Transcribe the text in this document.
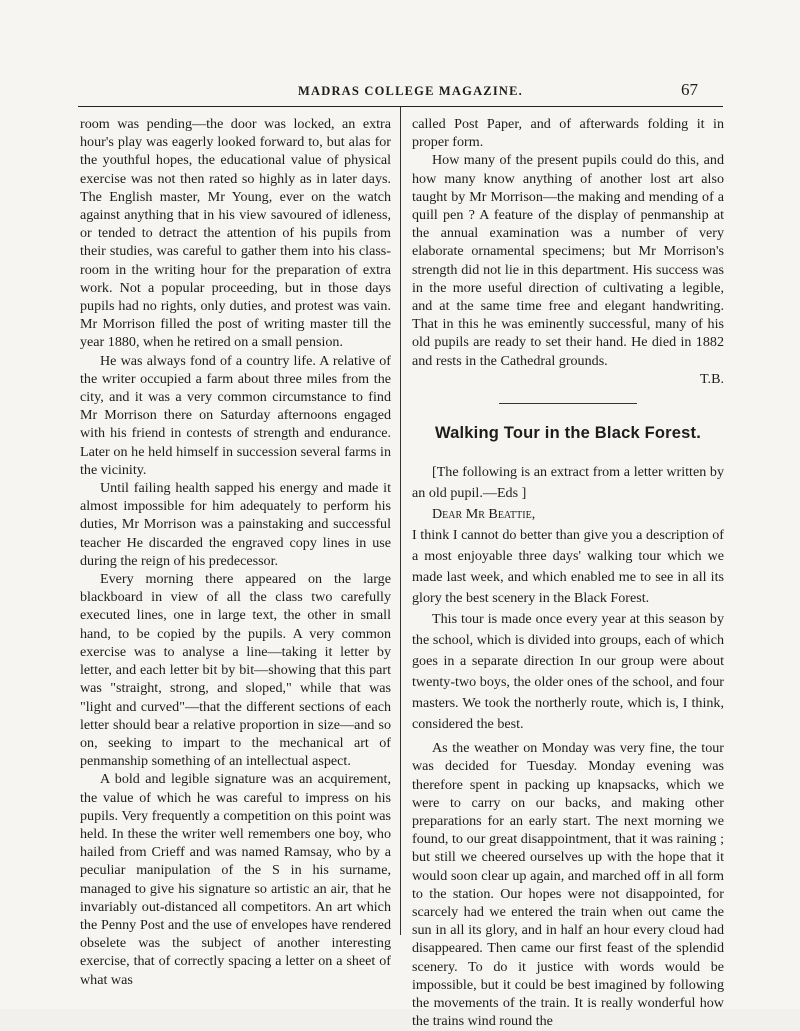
MADRAS COLLEGE MAGAZINE.	67

room was pending—the door was locked, an extra hour's play was eagerly looked forward to, but alas for the youthful hopes, the educational value of physical exercise was not then rated so highly as in later days. The English master, Mr Young, ever on the watch against anything that in his view savoured of idleness, or tended to detract the attention of his pupils from their studies, was careful to gather them into his class-room in the writing hour for the preparation of extra work. Not a popular proceeding, but in those days pupils had no rights, only duties, and protest was vain. Mr Morrison filled the post of writing master till the year 1880, when he retired on a small pension.

He was always fond of a country life. A relative of the writer occupied a farm about three miles from the city, and it was a very common circumstance to find Mr Morrison there on Saturday afternoons engaged with his friend in contests of strength and endurance. Later on he held himself in succession several farms in the vicinity.

Until failing health sapped his energy and made it almost impossible for him adequately to perform his duties, Mr Morrison was a painstaking and successful teacher He discarded the engraved copy lines in use during the reign of his predecessor.

Every morning there appeared on the large blackboard in view of all the class two carefully executed lines, one in large text, the other in small hand, to be copied by the pupils. A very common exercise was to analyse a line—taking it letter by letter, and each letter bit by bit—showing that this part was "straight, strong, and sloped," while that was "light and curved"—that the different sections of each letter should bear a relative proportion in size—and so on, seeking to impart to the mechanical art of penmanship something of an intellectual aspect.

A bold and legible signature was an acquirement, the value of which he was careful to impress on his pupils. Very frequently a competition on this point was held. In these the writer well remembers one boy, who hailed from Crieff and was named Ramsay, who by a peculiar manipulation of the S in his surname, managed to give his signature so artistic an air, that he invariably out-distanced all competitors. An art which the Penny Post and the use of envelopes have rendered obselete was the subject of another interesting exercise, that of correctly spacing a letter on a sheet of what was

called Post Paper, and of afterwards folding it in proper form.

How many of the present pupils could do this, and how many know anything of another lost art also taught by Mr Morrison—the making and mending of a quill pen ? A feature of the display of penmanship at the annual examination was a number of very elaborate ornamental specimens; but Mr Morrison's strength did not lie in this department. His success was in the more useful direction of cultivating a legible, and at the same time free and elegant handwriting. That in this he was eminently successful, many of his old pupils are ready to set their hand. He died in 1882 and rests in the Cathedral grounds.

T.B.

Walking Tour in the Black Forest.

[The following is an extract from a letter written by an old pupil.—Eds ]

Dear Mr Beattie,

I think I cannot do better than give you a description of a most enjoyable three days' walking tour which we made last week, and which enabled me to see in all its glory the best scenery in the Black Forest.

This tour is made once every year at this season by the school, which is divided into groups, each of which goes in a separate direction In our group were about twenty-two boys, the older ones of the school, and four masters. We took the northerly route, which is, I think, considered the best.

As the weather on Monday was very fine, the tour was decided for Tuesday. Monday evening was therefore spent in packing up knapsacks, which we were to carry on our backs, and making other preparations for an early start. The next morning we found, to our great disappointment, that it was raining ; but still we cheered ourselves up with the hope that it would soon clear up again, and marched off in all form to the station. Our hopes were not disappointed, for scarcely had we entered the train when out came the sun in all its glory, and in half an hour every cloud had disappeared. Then came our first feast of the splendid scenery. To do it justice with words would be impossible, but it could be best imagined by following the movements of the train. It is really wonderful how the trains wind round the
